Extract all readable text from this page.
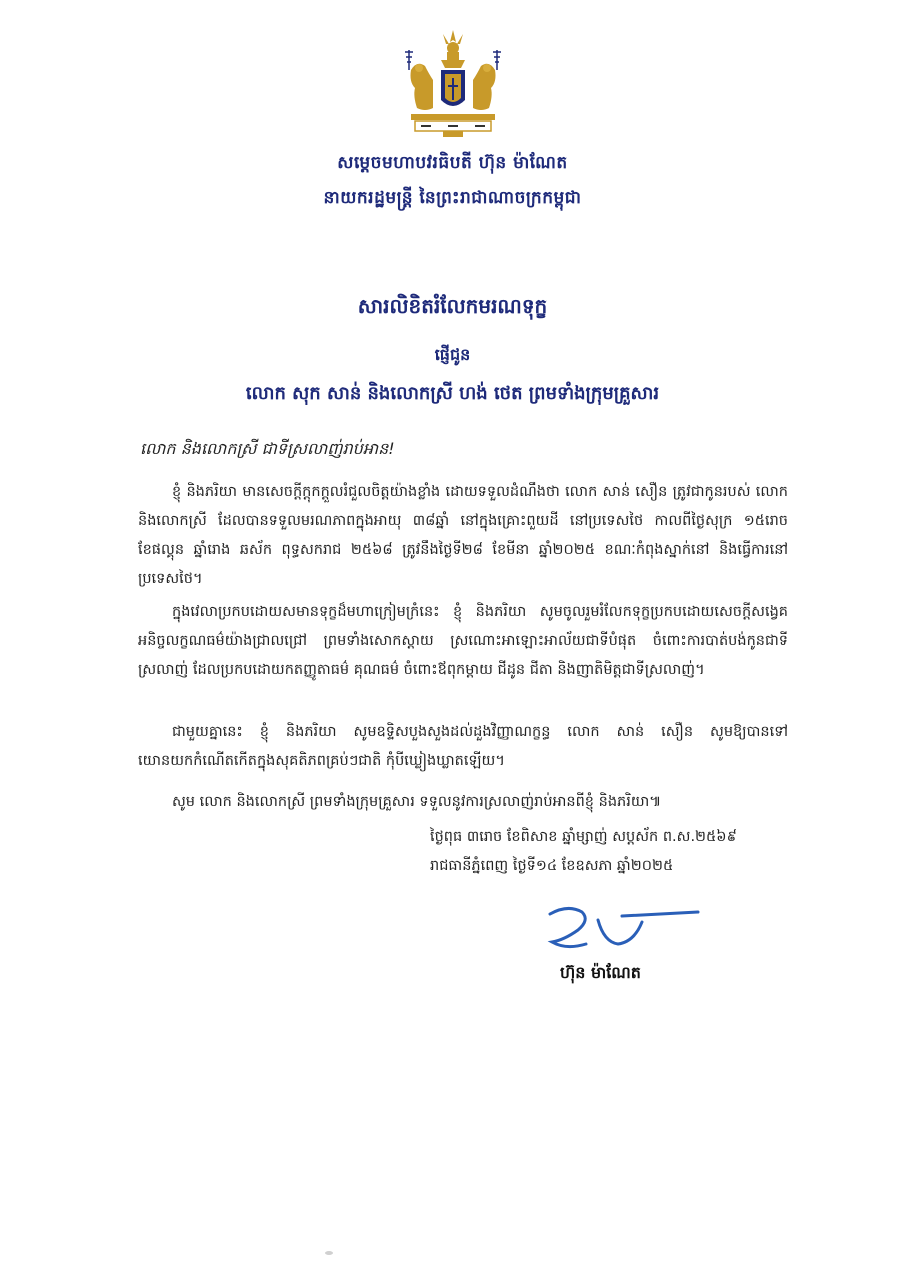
សម្ដេចមហាបវរធិបតី ហ៊ុន ម៉ាណែត
នាយករដ្ឋមន្ត្រី នៃព្រះរាជាណាចក្រកម្ពុជា
សារលិខិតរំលែកមរណទុក្ខ
ផ្ញើជូន
លោក សុក សាន់ និងលោកស្រី ហង់ ថេត ព្រមទាំងក្រុមគ្រួសារ
លោក និងលោកស្រី ជាទីស្រលាញ់រាប់អាន!

ខ្ញុំ និងភរិយា មានសេចក្តីក្តុកក្តួលរំជួលចិត្តយ៉ាងខ្លាំង ដោយទទួលដំណឹងថា លោក សាន់ សឿន ត្រូវជាកូនរបស់ លោក និងលោកស្រី ដែលបានទទួលមរណភាពក្នុងអាយុ ៣៨ឆ្នាំ នៅក្នុងគ្រោះពួយដី នៅប្រទេសថៃ កាលពីថ្ងៃសុក្រ ១៥រោច ខែផល្គុន ឆ្នាំរោង ឆស័ក ពុទ្ធសករាជ ២៥៦៨ ត្រូវនឹងថ្ងៃទី២៨ ខែមីនា ឆ្នាំ២០២៥ ខណៈកំពុងស្នាក់នៅ និងធ្វើការនៅប្រទេសថៃ។

ក្នុងវេលាប្រកបដោយសមានទុក្ខដ៏មហាក្រៀមក្រំនេះ ខ្ញុំ និងភរិយា សូមចូលរួមរំលែកទុក្ខប្រកបដោយសេចក្តីសង្វេគអនិច្ចលក្ខណធម៌យ៉ាងជ្រាលជ្រៅ ព្រមទាំងសោកស្តាយ ស្រណោះអាឡោះអាល័យជាទីបំផុត ចំពោះការបាត់បង់កូនជាទីស្រលាញ់ ដែលប្រកបដោយកតញ្ញូតាធម៌ គុណធម៌ ចំពោះឪពុកម្តាយ ជីដូន ជីតា និងញាតិមិត្តជាទីស្រលាញ់។

ជាមួយគ្នានេះ ខ្ញុំ និងភរិយា សូមឧទ្ទិសបួងសួងដល់ដួងវិញ្ញាណក្ខន្ធ លោក សាន់ សឿន សូមឱ្យបានទៅយោនយកកំណើតកើតក្នុងសុគតិភពគ្រប់ៗជាតិ កុំបីឃ្លៀងឃ្លាតឡើយ។

សូម លោក និងលោកស្រី ព្រមទាំងក្រុមគ្រួសារ ទទួលនូវការស្រលាញ់រាប់អានពីខ្ញុំ និងភរិយា៕

ថ្ងៃពុធ ៣រោច ខែពិសាខ ឆ្នាំម្សាញ់ សប្តស័ក ព.ស.២៥៦៩
រាជធានីភ្នំពេញ ថ្ងៃទី១៤ ខែឧសភា ឆ្នាំ២០២៥
ហ៊ុន ម៉ាណែត
